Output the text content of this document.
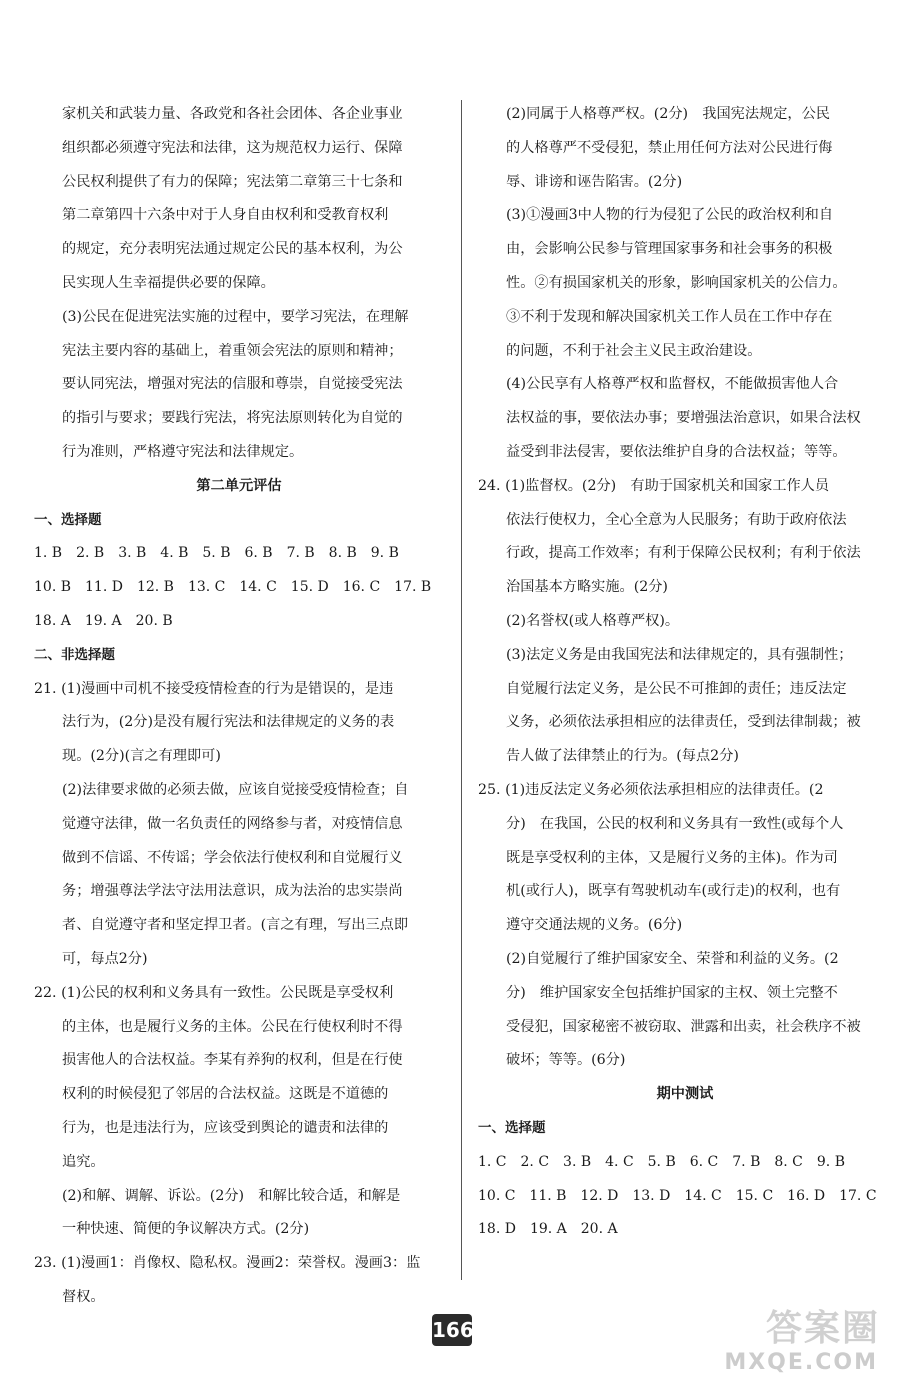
家机关和武装力量、各政党和各社会团体、各企业事业
组织都必须遵守宪法和法律，这为规范权力运行、保障
公民权利提供了有力的保障；宪法第二章第三十七条和
第二章第四十六条中对于人身自由权利和受教育权利
的规定，充分表明宪法通过规定公民的基本权利，为公
民实现人生幸福提供必要的保障。
(3)公民在促进宪法实施的过程中，要学习宪法，在理解
宪法主要内容的基础上，着重领会宪法的原则和精神；
要认同宪法，增强对宪法的信服和尊崇，自觉接受宪法
的指引与要求；要践行宪法，将宪法原则转化为自觉的
行为准则，严格遵守宪法和法律规定。
第二单元评估
一、选择题
1. B　2. B　3. B　4. B　5. B　6. B　7. B　8. B　9. B
10. B　11. D　12. B　13. C　14. C　15. D　16. C　17. B
18. A　19. A　20. B
二、非选择题
21. (1)漫画中司机不接受疫情检查的行为是错误的，是违
法行为，(2分)是没有履行宪法和法律规定的义务的表
现。(2分)(言之有理即可)
(2)法律要求做的必须去做，应该自觉接受疫情检查；自
觉遵守法律，做一名负责任的网络参与者，对疫情信息
做到不信谣、不传谣；学会依法行使权利和自觉履行义
务；增强尊法学法守法用法意识，成为法治的忠实崇尚
者、自觉遵守者和坚定捍卫者。(言之有理，写出三点即
可，每点2分)
22. (1)公民的权利和义务具有一致性。公民既是享受权利
的主体，也是履行义务的主体。公民在行使权利时不得
损害他人的合法权益。李某有养狗的权利，但是在行使
权利的时候侵犯了邻居的合法权益。这既是不道德的
行为，也是违法行为，应该受到舆论的谴责和法律的
追究。
(2)和解、调解、诉讼。(2分)　和解比较合适，和解是
一种快速、简便的争议解决方式。(2分)
23. (1)漫画1：肖像权、隐私权。漫画2：荣誉权。漫画3：监
督权。
(2)同属于人格尊严权。(2分)　我国宪法规定，公民
的人格尊严不受侵犯，禁止用任何方法对公民进行侮
辱、诽谤和诬告陷害。(2分)
(3)①漫画3中人物的行为侵犯了公民的政治权利和自
由，会影响公民参与管理国家事务和社会事务的积极
性。②有损国家机关的形象，影响国家机关的公信力。
③不利于发现和解决国家机关工作人员在工作中存在
的问题，不利于社会主义民主政治建设。
(4)公民享有人格尊严权和监督权，不能做损害他人合
法权益的事，要依法办事；要增强法治意识，如果合法权
益受到非法侵害，要依法维护自身的合法权益；等等。
24. (1)监督权。(2分)　有助于国家机关和国家工作人员
依法行使权力，全心全意为人民服务；有助于政府依法
行政，提高工作效率；有利于保障公民权利；有利于依法
治国基本方略实施。(2分)
(2)名誉权(或人格尊严权)。
(3)法定义务是由我国宪法和法律规定的，具有强制性；
自觉履行法定义务，是公民不可推卸的责任；违反法定
义务，必须依法承担相应的法律责任，受到法律制裁；被
告人做了法律禁止的行为。(每点2分)
25. (1)违反法定义务必须依法承担相应的法律责任。(2
分)　在我国，公民的权利和义务具有一致性(或每个人
既是享受权利的主体，又是履行义务的主体)。作为司
机(或行人)，既享有驾驶机动车(或行走)的权利，也有
遵守交通法规的义务。(6分)
(2)自觉履行了维护国家安全、荣誉和利益的义务。(2
分)　维护国家安全包括维护国家的主权、领土完整不
受侵犯，国家秘密不被窃取、泄露和出卖，社会秩序不被
破坏；等等。(6分)
期中测试
一、选择题
1. C　2. C　3. B　4. C　5. B　6. C　7. B　8. C　9. B
10. C　11. B　12. D　13. D　14. C　15. C　16. D　17. C
18. D　19. A　20. A
166	答案圈
MXQE.COM
